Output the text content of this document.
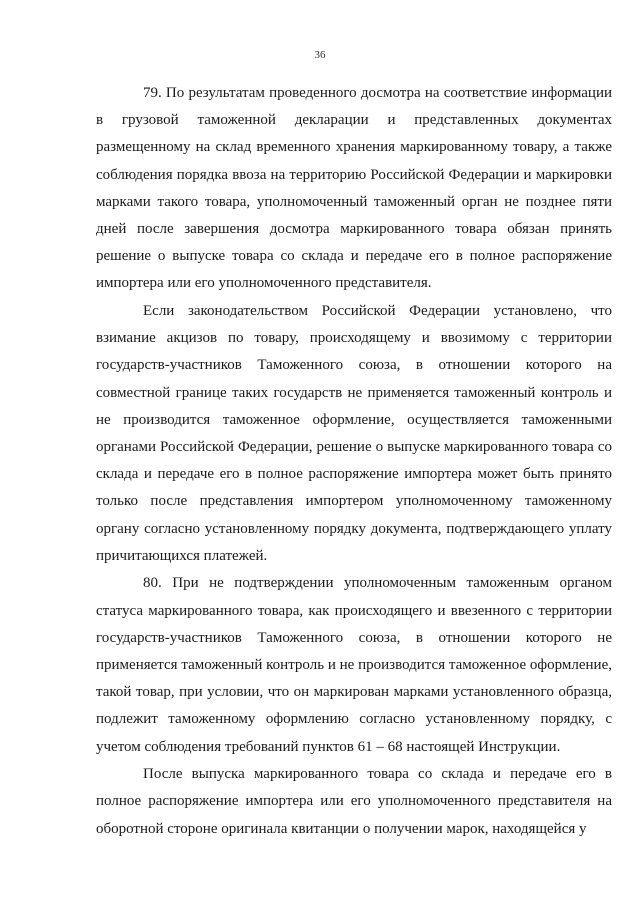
36

79. По результатам проведенного досмотра на соответствие информации в грузовой таможенной декларации и представленных документах размещенному на склад временного хранения маркированному товару, а также соблюдения порядка ввоза на территорию Российской Федерации и маркировки марками такого товара, уполномоченный таможенный орган не позднее пяти дней после завершения досмотра маркированного товара обязан принять решение о выпуске товара со склада и передаче его в полное распоряжение импортера или его уполномоченного представителя.

Если законодательством Российской Федерации установлено, что взимание акцизов по товару, происходящему и ввозимому с территории государств-участников Таможенного союза, в отношении которого на совместной границе таких государств не применяется таможенный контроль и не производится таможенное оформление, осуществляется таможенными органами Российской Федерации, решение о выпуске маркированного товара со склада и передаче его в полное распоряжение импортера может быть принято только после представления импортером уполномоченному таможенному органу согласно установленному порядку документа, подтверждающего уплату причитающихся платежей.

80. При не подтверждении уполномоченным таможенным органом статуса маркированного товара, как происходящего и ввезенного с территории государств-участников Таможенного союза, в отношении которого не применяется таможенный контроль и не производится таможенное оформление, такой товар, при условии, что он маркирован марками установленного образца, подлежит таможенному оформлению согласно установленному порядку, с учетом соблюдения требований пунктов 61 – 68 настоящей Инструкции.

После выпуска маркированного товара со склада и передаче его в полное распоряжение импортера или его уполномоченного представителя на оборотной стороне оригинала квитанции о получении марок, находящейся у
